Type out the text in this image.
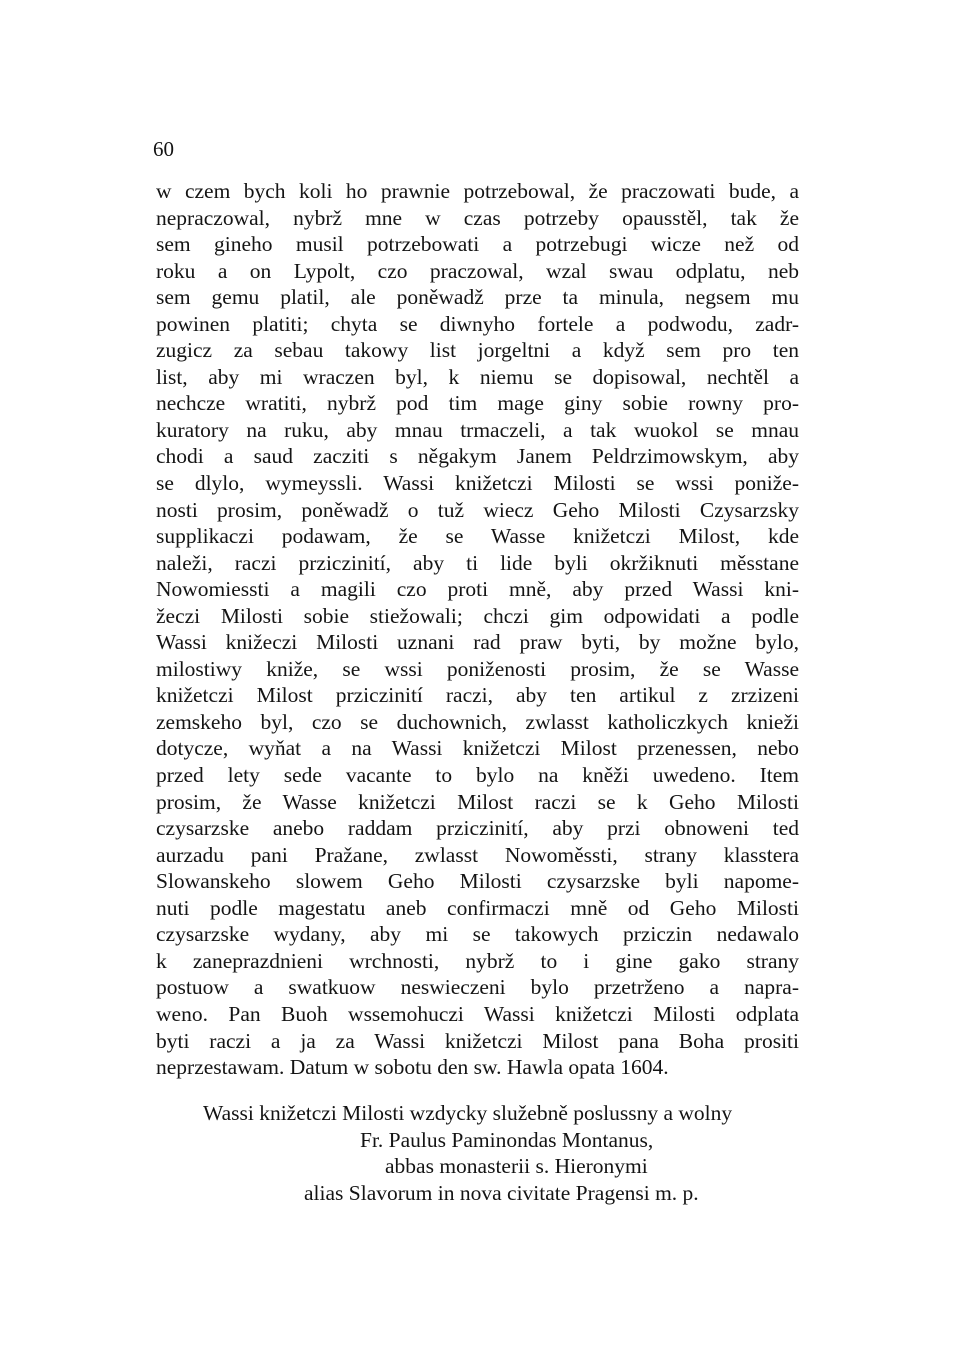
60
w czem bych koli ho prawnie potrzebowal, že praczowati bude, a
nepraczowal, nybrž mne w czas potrzeby opausstěl, tak že
sem gineho musil potrzebowati a potrzebugi wicze než od
roku a on Lypolt, czo praczowal, wzal swau odplatu, neb
sem gemu platil, ale poněwadž prze ta minula, negsem mu
powinen platiti; chyta se diwnyho fortele a podwodu, zadr-
zugicz za sebau takowy list jorgeltni a když sem pro ten
list, aby mi wraczen byl, k niemu se dopisowal, nechtěl a
nechcze wratiti, nybrž pod tim mage giny sobie rowny pro-
kuratory na ruku, aby mnau trmaczeli, a tak wuokol se mnau
chodi a saud zacziti s něgakym Janem Peldrzimowskym, aby
se dlylo, wymeyssli. Wassi knižetczi Milosti se wssi poniže-
nosti prosim, poněwadž o tuž wiecz Geho Milosti Czysarzsky
supplikaczi podawam, že se Wasse knižetczi Milost, kde
naleži, raczi prziczinití, aby ti lide byli okržiknuti měsstane
Nowomiessti a magili czo proti mně, aby przed Wassi kni-
žeczi Milosti sobie stiežowali; chczi gim odpowidati a podle
Wassi knižeczi Milosti uznani rad praw byti, by možne bylo,
milostiwy kniže, se wssi poniženosti prosim, že se Wasse
knižetczi Milost prziczinití raczi, aby ten artikul z zrzizeni
zemskeho byl, czo se duchownich, zwlasst katholiczkych knieži
dotycze, wyňat a na Wassi knižetczi Milost przenessen, nebo
przed lety sede vacante to bylo na kněži uwedeno. Item
prosim, že Wasse knižetczi Milost raczi se k Geho Milosti
czysarzske anebo raddam prziczinití, aby przi obnoweni ted
aurzadu pani Pražane, zwlasst Nowoměssti, strany klasstera
Slowanskeho slowem Geho Milosti czysarzske byli napome-
nuti podle magestatu aneb confirmaczi mně od Geho Milosti
czysarzske wydany, aby mi se takowych prziczin nedawalo
k zaneprazdnieni wrchnosti, nybrž to i gine gako strany
postuow a swatkuow neswieczeni bylo przetrženo a napra-
weno. Pan Buoh wssemohuczi Wassi knižetczi Milosti odplata
byti raczi a ja za Wassi knižetczi Milost pana Boha prositi
neprzestawam. Datum w sobotu den sw. Hawla opata 1604.
Wassi knižetczi Milosti wzdycky služebně poslussny a wolny
Fr. Paulus Paminondas Montanus,
abbas monasterii s. Hieronymi
alias Slavorum in nova civitate Pragensi m. p.
